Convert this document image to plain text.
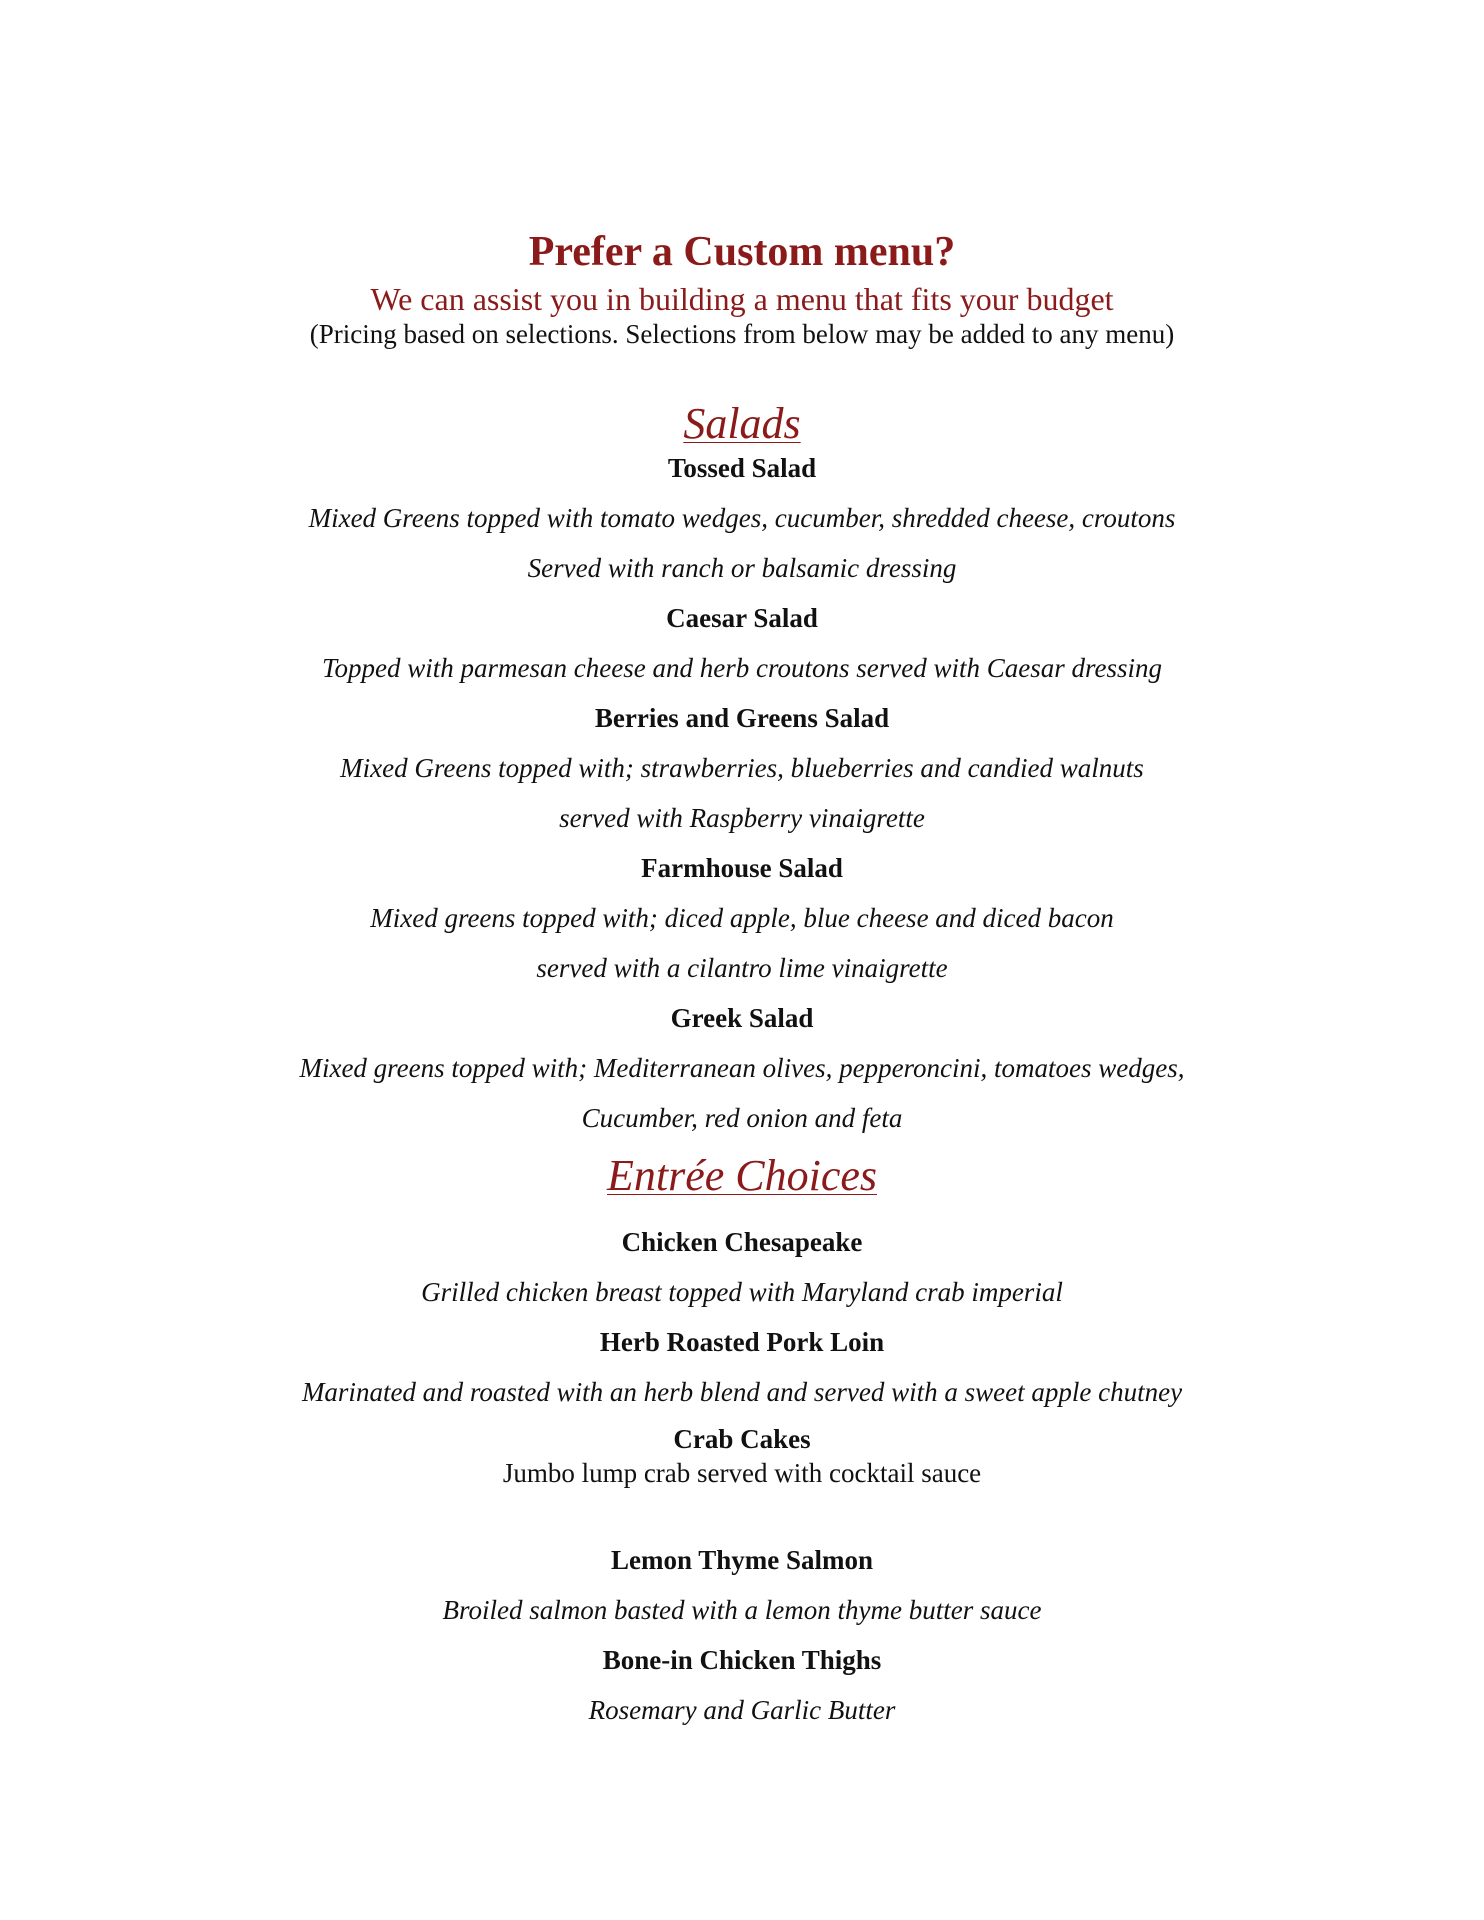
Prefer a Custom menu?
We can assist you in building a menu that fits your budget
(Pricing based on selections. Selections from below may be added to any menu)
Salads
Tossed Salad
Mixed Greens topped with tomato wedges, cucumber, shredded cheese, croutons
Served with ranch or balsamic dressing
Caesar Salad
Topped with parmesan cheese and herb croutons served with Caesar dressing
Berries and Greens Salad
Mixed Greens topped with; strawberries, blueberries and candied walnuts
served with Raspberry vinaigrette
Farmhouse Salad
Mixed greens topped with; diced apple, blue cheese and diced bacon
served with a cilantro lime vinaigrette
Greek Salad
Mixed greens topped with; Mediterranean olives, pepperoncini, tomatoes wedges,
Cucumber, red onion and feta
Entrée Choices
Chicken Chesapeake
Grilled chicken breast topped with Maryland crab imperial
Herb Roasted Pork Loin
Marinated and roasted with an herb blend and served with a sweet apple chutney
Crab Cakes
Jumbo lump crab served with cocktail sauce
Lemon Thyme Salmon
Broiled salmon basted with a lemon thyme butter sauce
Bone-in Chicken Thighs
Rosemary and Garlic Butter
